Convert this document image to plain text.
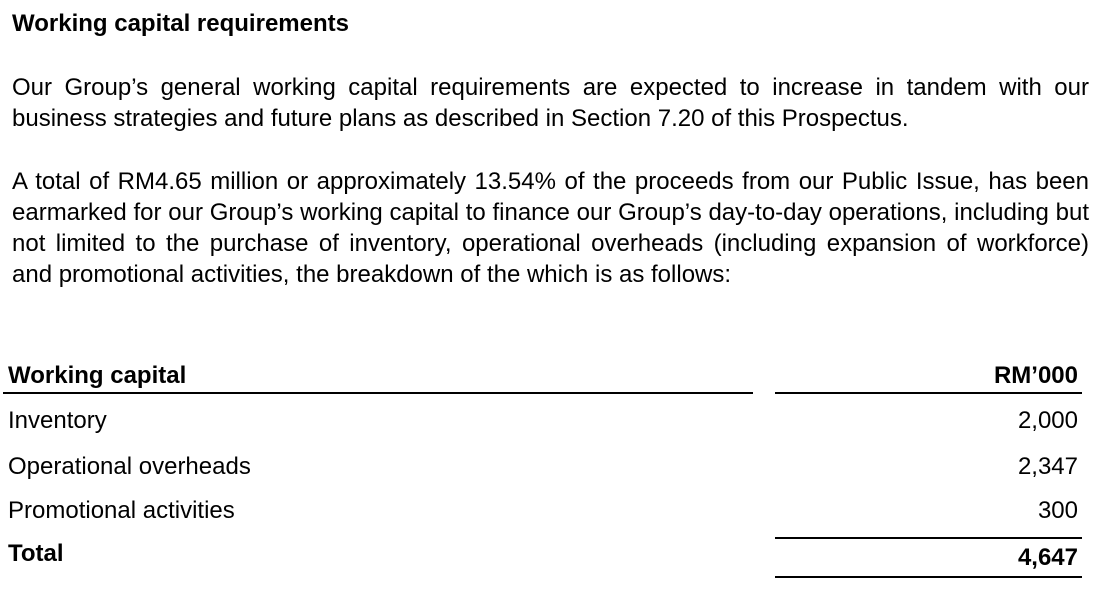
Working capital requirements

Our Group’s general working capital requirements are expected to increase in tandem with our business strategies and future plans as described in Section 7.20 of this Prospectus.

A total of RM4.65 million or approximately 13.54% of the proceeds from our Public Issue, has been earmarked for our Group’s working capital to finance our Group’s day-to-day operations, including but not limited to the purchase of inventory, operational overheads (including expansion of workforce) and promotional activities, the breakdown of the which is as follows:

Working capital	RM’000
Inventory	2,000
Operational overheads	2,347
Promotional activities	300
Total	4,647
